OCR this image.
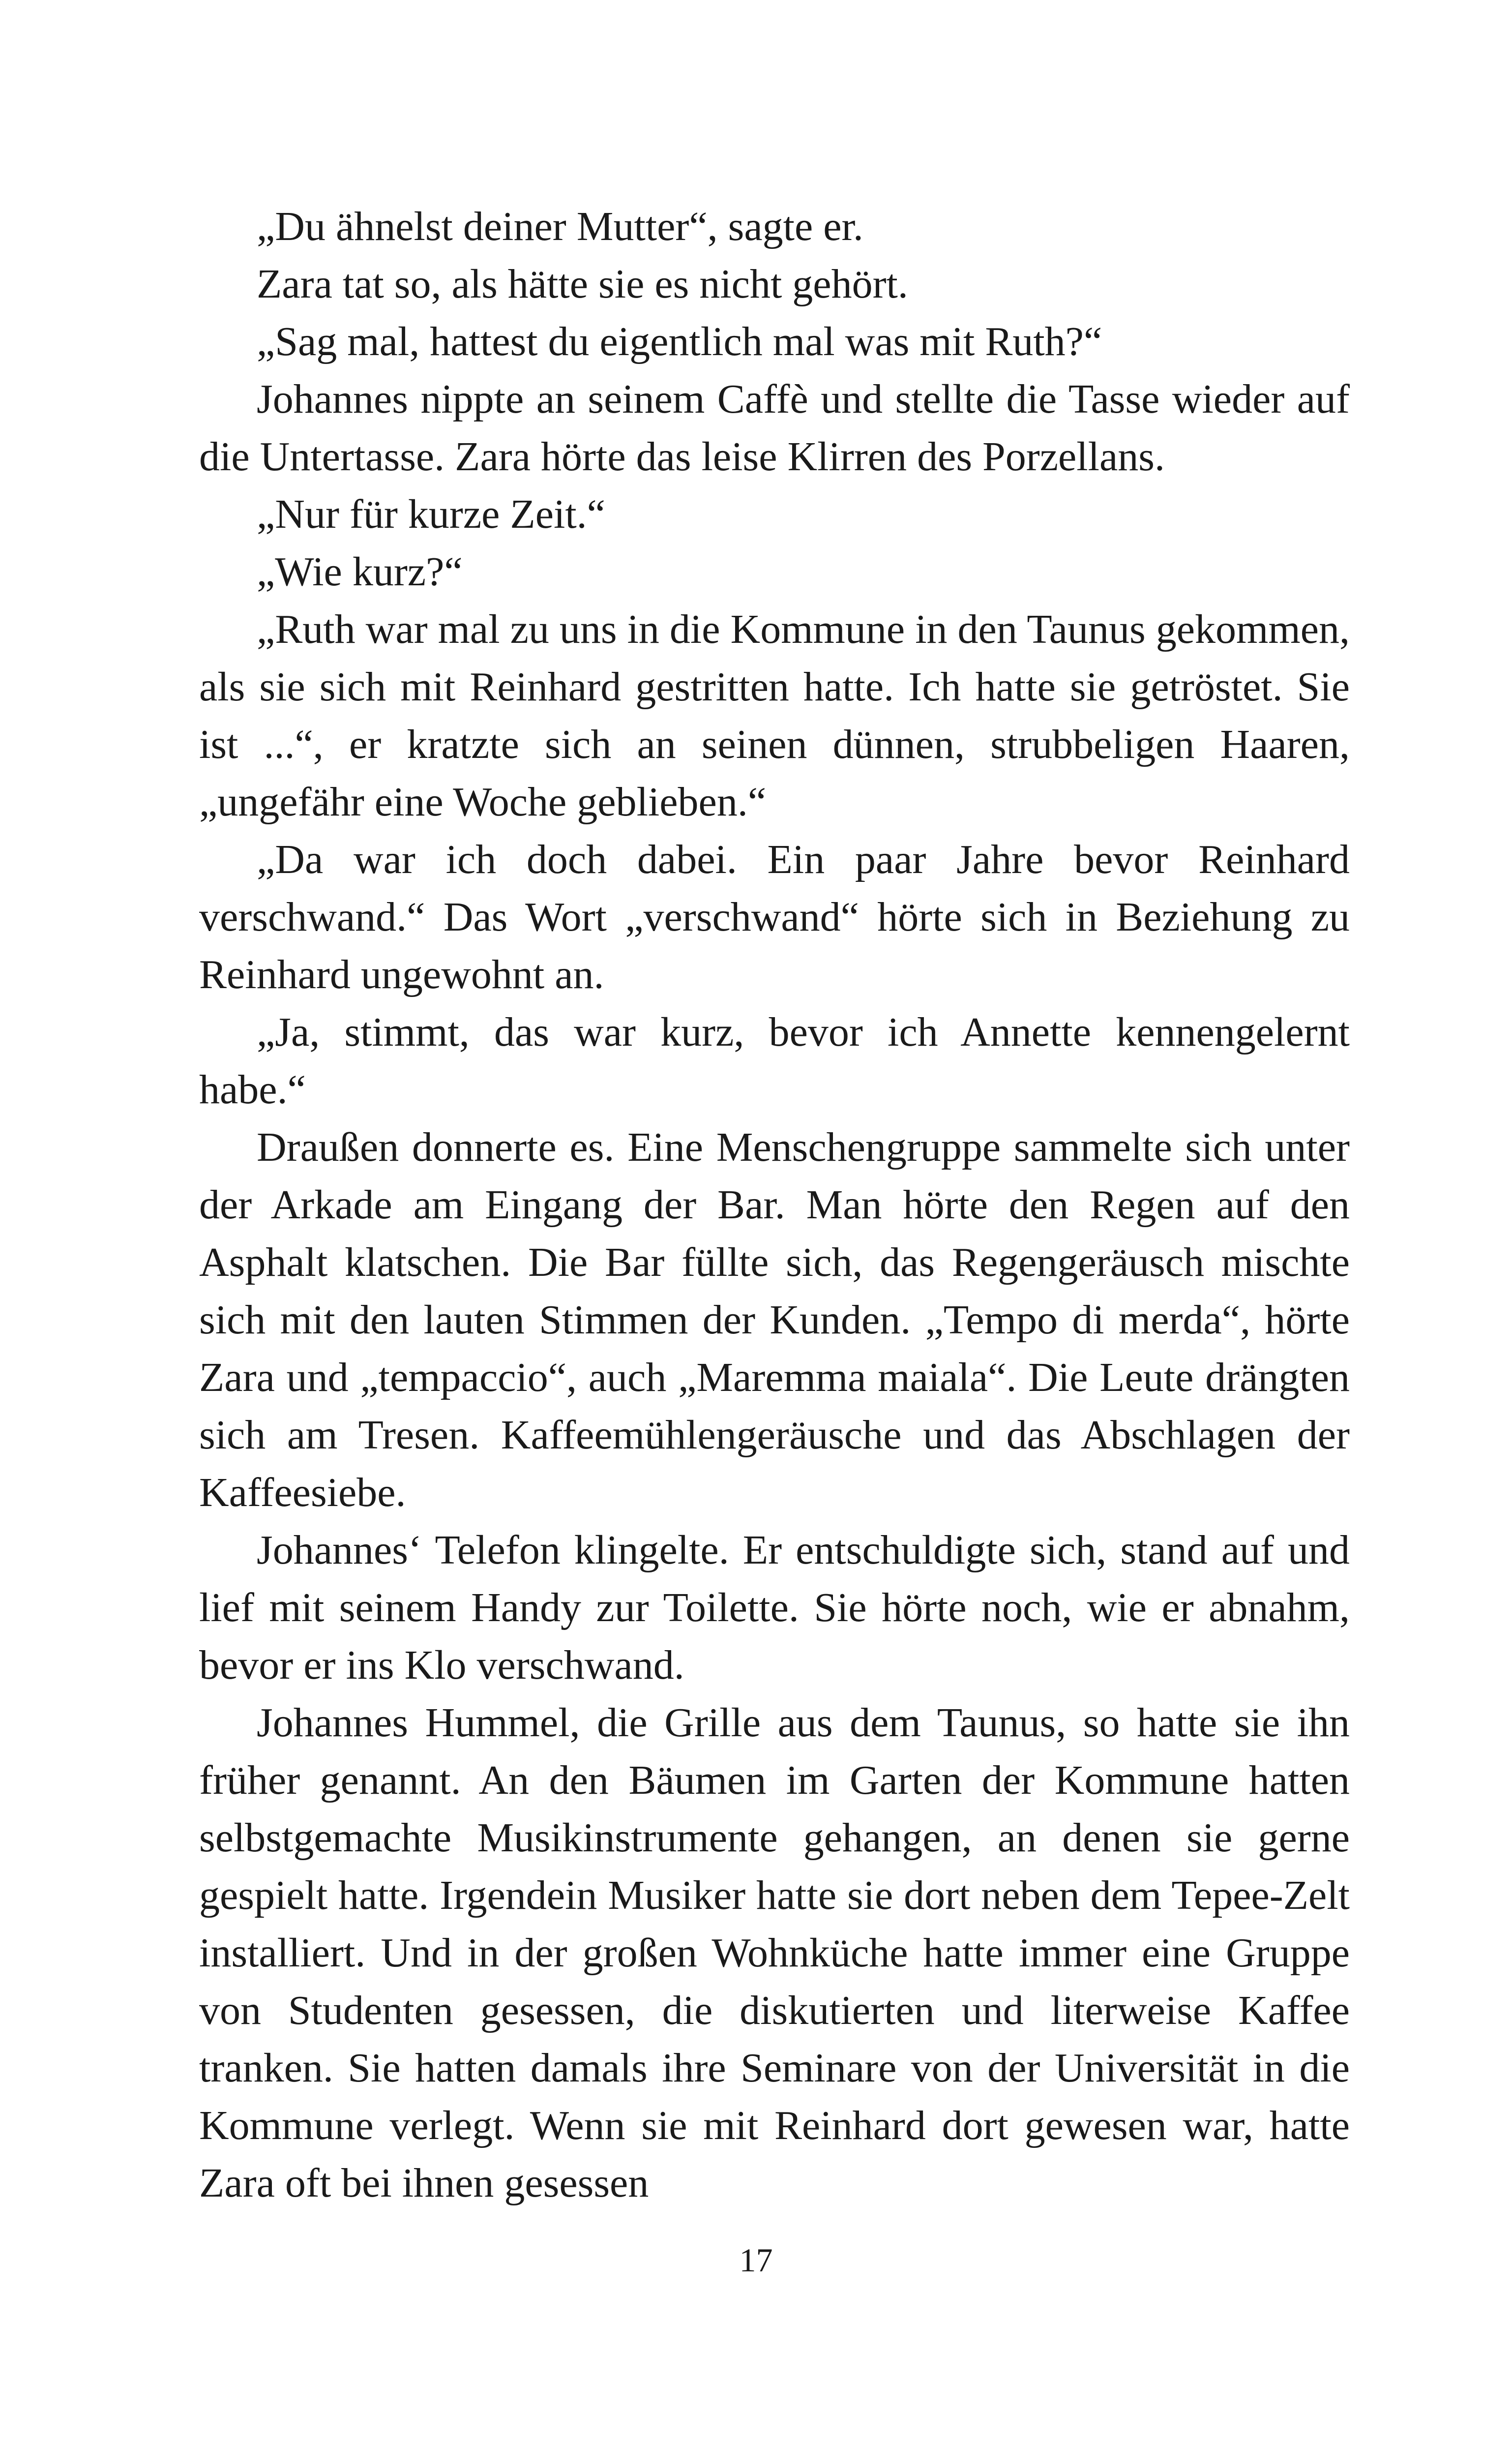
„Du ähnelst deiner Mutter“, sagte er.

Zara tat so, als hätte sie es nicht gehört.

„Sag mal, hattest du eigentlich mal was mit Ruth?“

Johannes nippte an seinem Caffè und stellte die Tasse wieder auf die Untertasse. Zara hörte das leise Klirren des Porzellans.

„Nur für kurze Zeit.“

„Wie kurz?“

„Ruth war mal zu uns in die Kommune in den Taunus gekommen, als sie sich mit Reinhard gestritten hatte. Ich hatte sie getröstet. Sie ist ...“, er kratzte sich an seinen dünnen, strubbeligen Haaren, „ungefähr eine Woche geblieben.“

„Da war ich doch dabei. Ein paar Jahre bevor Reinhard verschwand.“ Das Wort „verschwand“ hörte sich in Beziehung zu Reinhard ungewohnt an.

„Ja, stimmt, das war kurz, bevor ich Annette kennengelernt habe.“

Draußen donnerte es. Eine Menschengruppe sammelte sich unter der Arkade am Eingang der Bar. Man hörte den Regen auf den Asphalt klatschen. Die Bar füllte sich, das Regengeräusch mischte sich mit den lauten Stimmen der Kunden. „Tempo di merda“, hörte Zara und „tempaccio“, auch „Maremma maiala“. Die Leute drängten sich am Tresen. Kaffeemühlengeräusche und das Abschlagen der Kaffeesiebe.

Johannes‘ Telefon klingelte. Er entschuldigte sich, stand auf und lief mit seinem Handy zur Toilette. Sie hörte noch, wie er abnahm, bevor er ins Klo verschwand.

Johannes Hummel, die Grille aus dem Taunus, so hatte sie ihn früher genannt. An den Bäumen im Garten der Kommune hatten selbstgemachte Musikinstrumente gehangen, an denen sie gerne gespielt hatte. Irgendein Musiker hatte sie dort neben dem Tepee-Zelt installiert. Und in der großen Wohnküche hatte immer eine Gruppe von Studenten gesessen, die diskutierten und literweise Kaffee tranken. Sie hatten damals ihre Seminare von der Universität in die Kommune verlegt. Wenn sie mit Reinhard dort gewesen war, hatte Zara oft bei ihnen gesessen

17
